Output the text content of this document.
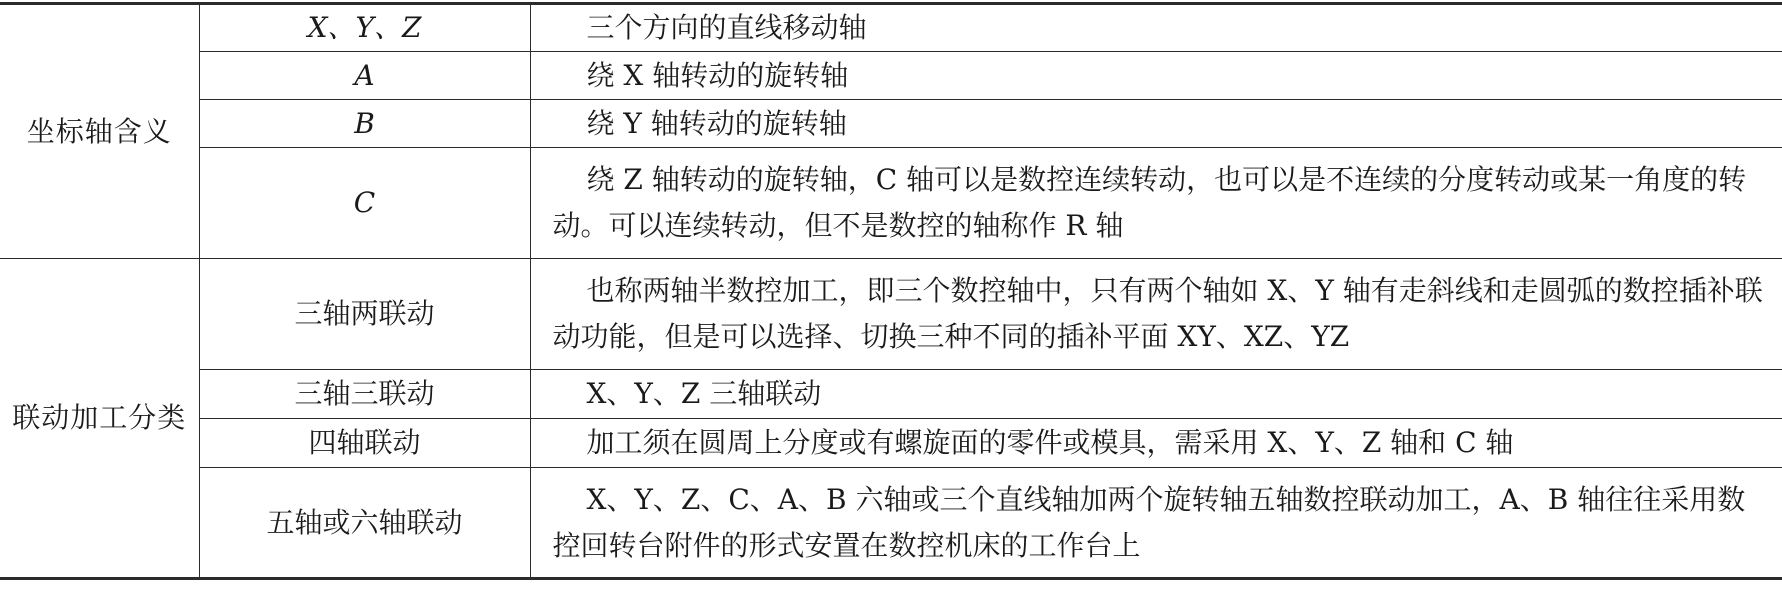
坐标轴含义	X、Y、Z	三个方向的直线移动轴
	A	绕 X 轴转动的旋转轴
	B	绕 Y 轴转动的旋转轴
	C	绕 Z 轴转动的旋转轴，C 轴可以是数控连续转动，也可以是不连续的分度转动或某一角度的转动。可以连续转动，但不是数控的轴称作 R 轴
联动加工分类	三轴两联动	也称两轴半数控加工，即三个数控轴中，只有两个轴如 X、Y 轴有走斜线和走圆弧的数控插补联动功能，但是可以选择、切换三种不同的插补平面 XY、XZ、YZ
	三轴三联动	X、Y、Z 三轴联动
	四轴联动	加工须在圆周上分度或有螺旋面的零件或模具，需采用 X、Y、Z 轴和 C 轴
	五轴或六轴联动	X、Y、Z、C、A、B 六轴或三个直线轴加两个旋转轴五轴数控联动加工，A、B 轴往往采用数控回转台附件的形式安置在数控机床的工作台上
